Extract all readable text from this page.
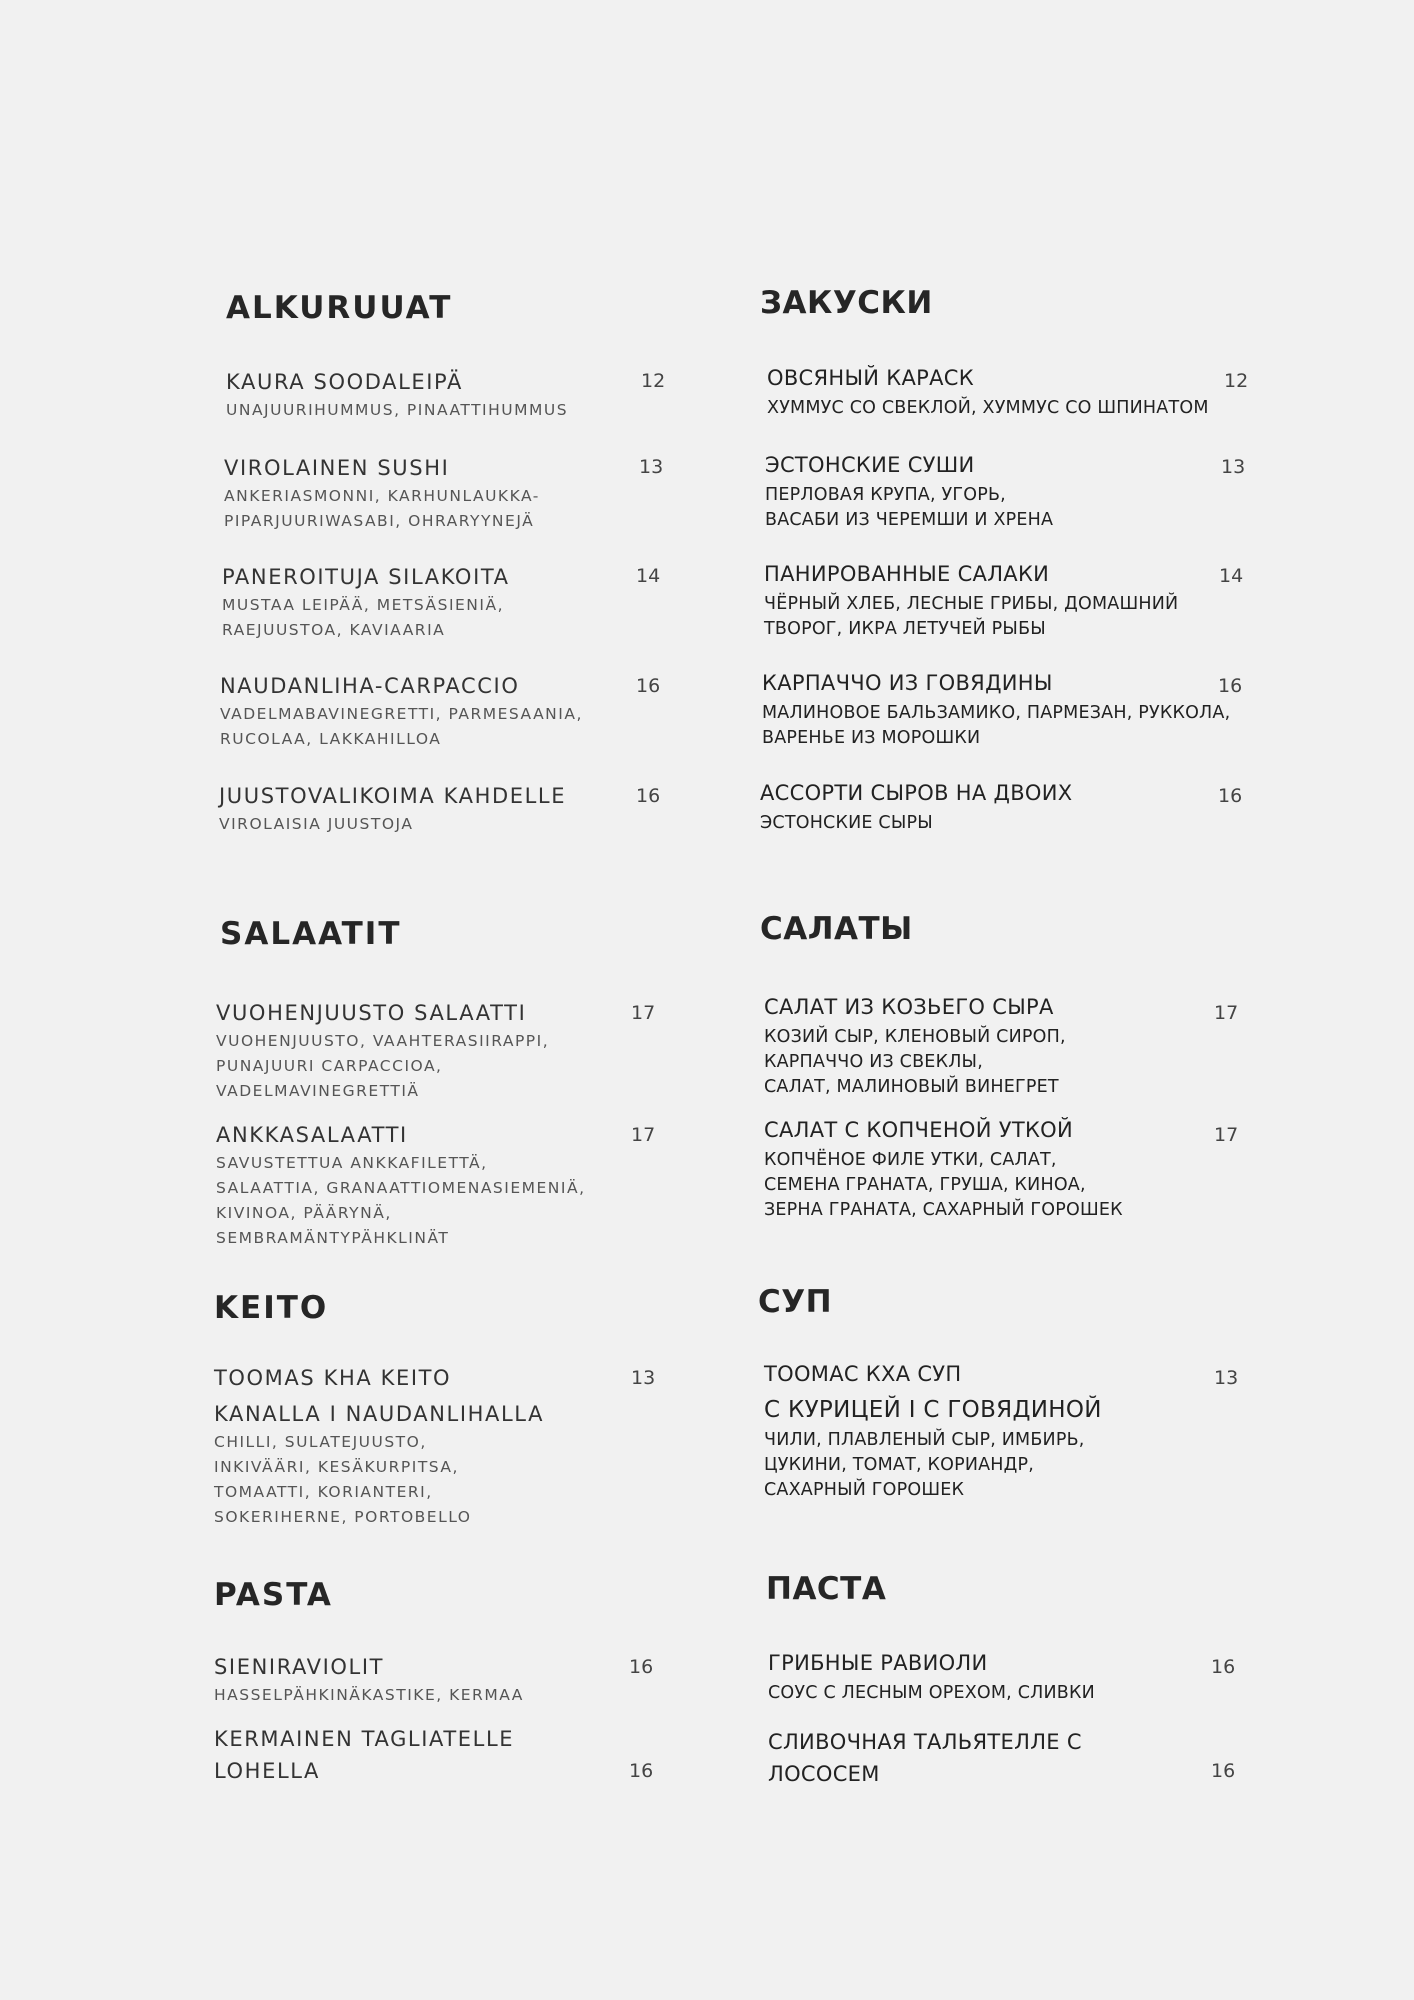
ALKURUUAT
KAURA SOODALEIPÄ
UNAJUURIHUMMUS, PINAATTIHUMMUS
12
VIROLAINEN SUSHI
ANKERIASMONNI, KARHUNLAUKKA-
PIPARJUURIWASABI, OHRARYYNEJÄ
13
PANEROITUJA SILAKOITA
MUSTAA LEIPÄÄ, METSÄSIENIÄ,
RAEJUUSTOA, KAVIAARIA
14
NAUDANLIHA-CARPACCIO
VADELMABAVINEGRETTI, PARMESAANIA,
RUCOLAA, LAKKAHILLOA
16
JUUSTOVALIKOIMA KAHDELLE
VIROLAISIA JUUSTOJA
16
SALAATIT
VUOHENJUUSTO SALAATTI
VUOHENJUUSTO, VAAHTERASIIRAPPI,
PUNAJUURI CARPACCIOA,
VADELMAVINEGRETTIÄ
17
ANKKASALAATTI
SAVUSTETTUA ANKKAFILETTÄ,
SALAATTIA, GRANAATTIOMENASIEMENIÄ,
KIVINOA, PÄÄRYNÄ,
SEMBRAMÄNTYPÄHKLINÄT
17
KEITO
TOOMAS KHA KEITO
KANALLA I NAUDANLIHALLA
CHILLI, SULATEJUUSTO,
INKIVÄÄRI, KESÄKURPITSA,
TOMAATTI, KORIANTERI,
SOKERIHERNE, PORTOBELLO
13
PASTA
SIENIRAVIOLIT
HASSELPÄHKINÄKASTIKE, KERMAA
16
KERMAINEN TAGLIATELLE
LOHELLA	16
ЗАКУСКИ
ОВСЯНЫЙ КАРАСК
ХУММУС СО СВЕКЛОЙ, ХУММУС СО ШПИНАТОМ
12
ЭСТОНСКИЕ СУШИ
ПЕРЛОВАЯ КРУПА, УГОРЬ,
ВАСАБИ ИЗ ЧЕРЕМШИ И ХРЕНА
13
ПАНИРОВАННЫЕ САЛАКИ
ЧЁРНЫЙ ХЛЕБ, ЛЕСНЫЕ ГРИБЫ, ДОМАШНИЙ
ТВОРОГ, ИКРА ЛЕТУЧЕЙ РЫБЫ
14
КАРПАЧЧО ИЗ ГОВЯДИНЫ
МАЛИНОВОЕ БАЛЬЗАМИКО, ПАРМЕЗАН, РУККОЛА,
ВАРЕНЬЕ ИЗ МОРОШКИ
16
АССОРТИ СЫРОВ НА ДВОИХ
ЭСТОНСКИЕ СЫРЫ
16
САЛАТЫ
САЛАТ ИЗ КОЗЬЕГО СЫРА
КОЗИЙ СЫР, КЛЕНОВЫЙ СИРОП,
КАРПАЧЧО ИЗ СВЕКЛЫ,
САЛАТ, МАЛИНОВЫЙ ВИНЕГРЕТ
17
САЛАТ С КОПЧЕНОЙ УТКОЙ
КОПЧЁНОЕ ФИЛЕ УТКИ, САЛАТ,
СЕМЕНА ГРАНАТА, ГРУША, КИНОА,
ЗЕРНА ГРАНАТА, САХАРНЫЙ ГОРОШЕК
17
СУП
ТООМАС КХА СУП
С КУРИЦЕЙ I С ГОВЯДИНОЙ
ЧИЛИ, ПЛАВЛЕНЫЙ СЫР, ИМБИРЬ,
ЦУКИНИ, ТОМАТ, КОРИАНДР,
САХАРНЫЙ ГОРОШЕК
13
ПАСТА
ГРИБНЫЕ РАВИОЛИ
СОУС С ЛЕСНЫМ ОРЕХОМ, СЛИВКИ
16
СЛИВОЧНАЯ ТАЛЬЯТЕЛЛЕ С
ЛОСОСЕМ	16
